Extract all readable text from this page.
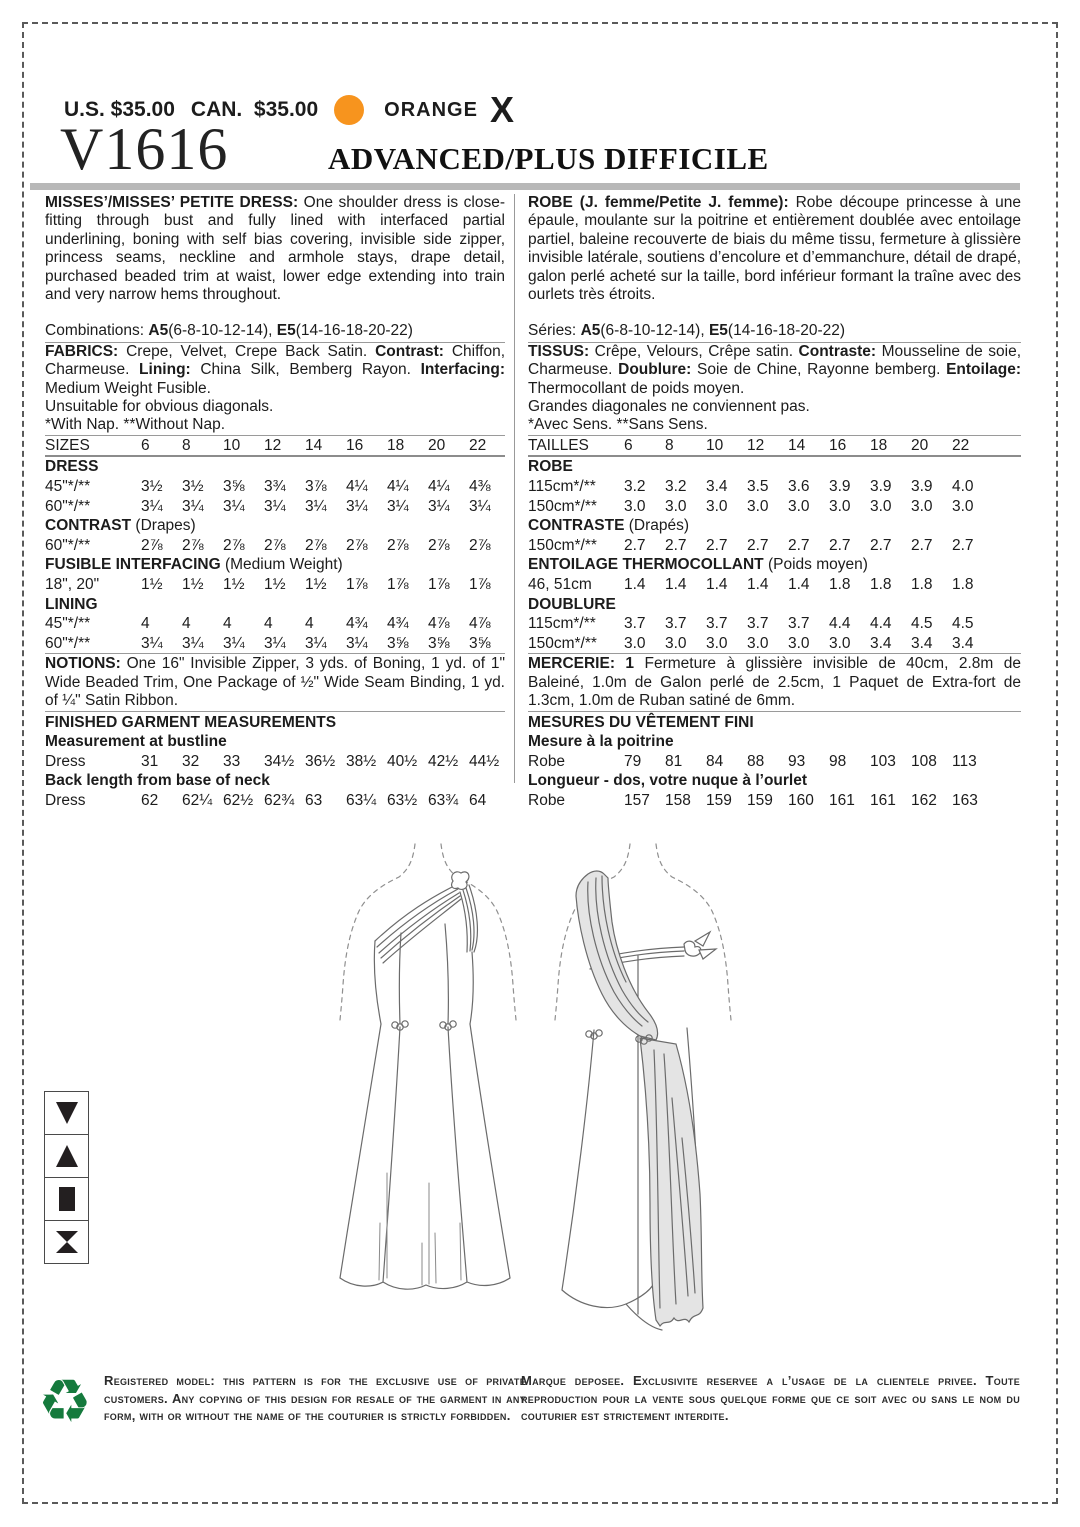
U.S. $35.00 CAN.  $35.00	ORANGE X
V1616	ADVANCED/PLUS DIFFICILE

MISSES’/MISSES’ PETITE DRESS: One shoulder dress is close-fitting through bust and fully lined with interfaced partial underlining, boning with self bias covering, invisible side zipper, princess seams, neckline and armhole stays, drape detail, purchased beaded trim at waist, lower edge extending into train and very narrow hems throughout.

Combinations: A5(6-8-10-12-14), E5(14-16-18-20-22)

FABRICS: Crepe, Velvet, Crepe Back Satin. Contrast: Chiffon, Charmeuse. Lining: China Silk, Bemberg Rayon. Interfacing: Medium Weight Fusible.

Unsuitable for obvious diagonals.

*With Nap. **Without Nap.

SIZES	6	8	10	12	14	16	18	20	22
DRESS
45"*/**	3½	3½	3⅝	3¾	3⅞	4¼	4¼	4¼	4⅜
60"*/**	3¼	3¼	3¼	3¼	3¼	3¼	3¼	3¼	3¼
CONTRAST (Drapes)
60"*/**	2⅞	2⅞	2⅞	2⅞	2⅞	2⅞	2⅞	2⅞	2⅞
FUSIBLE INTERFACING (Medium Weight)
18", 20"	1½	1½	1½	1½	1½	1⅞	1⅞	1⅞	1⅞
LINING
45"*/**	4	4	4	4	4	4¾	4¾	4⅞	4⅞
60"*/**	3¼	3¼	3¼	3¼	3¼	3¼	3⅝	3⅝	3⅝

NOTIONS: One 16" Invisible Zipper, 3 yds. of Boning, 1 yd. of 1" Wide Beaded Trim, One Package of ½" Wide Seam Binding, 1 yd. of ¼" Satin Ribbon.

FINISHED GARMENT MEASUREMENTS
Measurement at bustline
Dress	31	32	33	34½ 36½ 38½ 40½ 42½ 44½
Back length from base of neck
Dress	62	62¼ 62½ 62¾ 63	63¼ 63½ 63¾ 64

ROBE (J. femme/Petite J. femme): Robe découpe princesse à une épaule, moulante sur la poitrine et entièrement doublée avec entoilage partiel, baleine recouverte de biais du même tissu, fermeture à glissière invisible latérale, soutiens d’encolure et d’emmanchure, détail de drapé, galon perlé acheté sur la taille, bord inférieur formant la traîne avec des ourlets très étroits.

Séries: A5(6-8-10-12-14), E5(14-16-18-20-22)

TISSUS: Crêpe, Velours, Crêpe satin. Contraste: Mousseline de soie, Charmeuse. Doublure: Soie de Chine, Rayonne bemberg. Entoilage: Thermocollant de poids moyen.

Grandes diagonales ne conviennent pas.

*Avec Sens. **Sans Sens.

TAILLES	6	8	10	12	14	16	18	20	22
ROBE
115cm*/**	3.2	3.2	3.4	3.5	3.6	3.9	3.9	3.9	4.0
150cm*/**	3.0	3.0	3.0	3.0	3.0	3.0	3.0	3.0	3.0
CONTRASTE (Drapés)
150cm*/**	2.7	2.7	2.7	2.7	2.7	2.7	2.7	2.7	2.7
ENTOILAGE THERMOCOLLANT (Poids moyen)
46, 51cm	1.4	1.4	1.4	1.4	1.4	1.8	1.8	1.8	1.8
DOUBLURE
115cm*/**	3.7	3.7	3.7	3.7	3.7	4.4	4.4	4.5	4.5
150cm*/**	3.0	3.0	3.0	3.0	3.0	3.0	3.4	3.4	3.4

MERCERIE: 1 Fermeture à glissière invisible de 40cm, 2.8m de Baleiné, 1.0m de Galon perlé de 2.5cm, 1 Paquet de Extra-fort de 1.3cm, 1.0m de Ruban satiné de 6mm.

MESURES DU VÊTEMENT FINI
Mesure à la poitrine
Robe	79	81	84	88	93	98	103 108 113
Longueur - dos, votre nuque à l’ourlet
Robe	157 158 159 159 160 161 161 162 163
♻ Registered model: this pattern is for the exclusive use of private customers. Any copying of this design for resale of the garment in any form, with or without the name of the couturier is strictly forbidden.
Marque deposee. Exclusivite reservee a l’usage de la clientele privee. Toute reproduction pour la vente sous quelque forme que ce soit avec ou sans le nom du couturier est strictement interdite.
